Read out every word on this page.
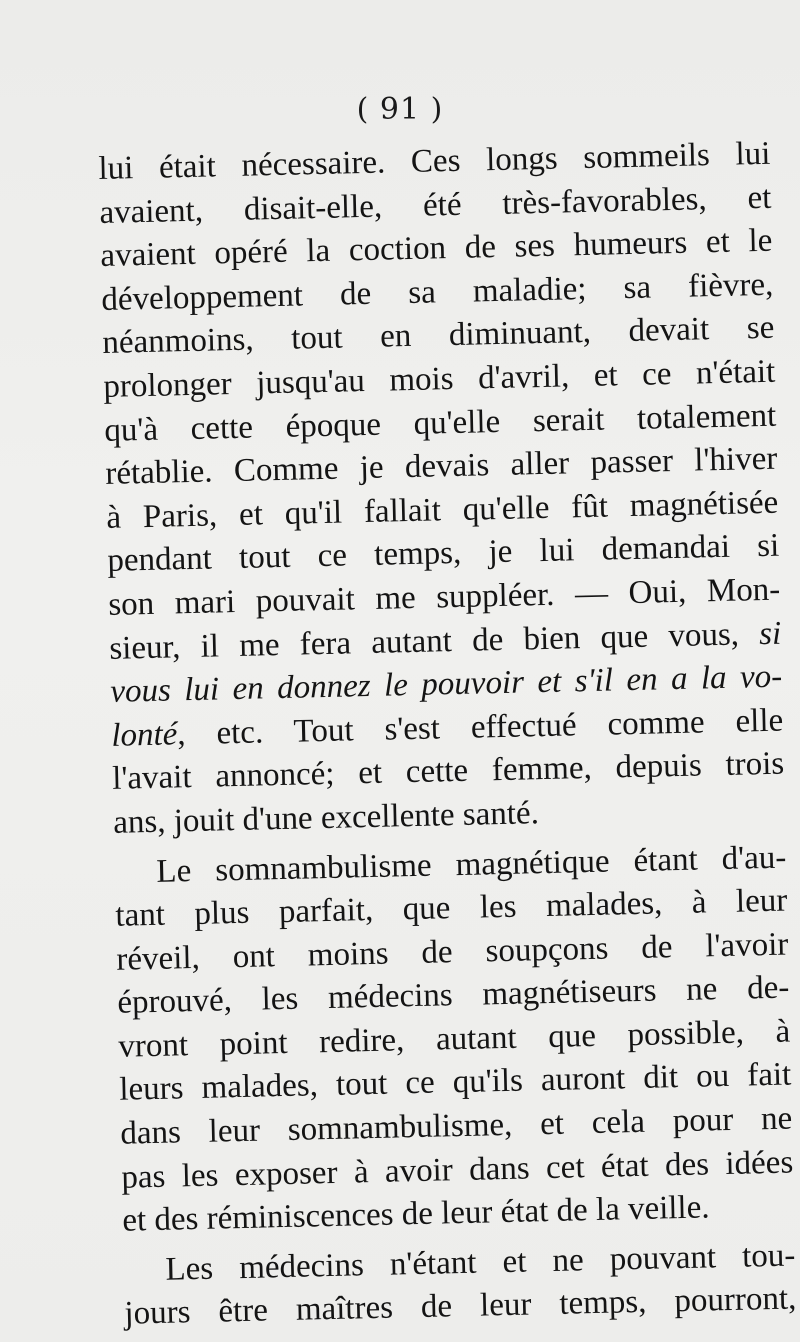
( 91 )
lui était nécessaire. Ces longs sommeils lui
avaient, disait-elle, été très-favorables, et
avaient opéré la coction de ses humeurs et le
développement de sa maladie; sa fièvre,
néanmoins, tout en diminuant, devait se
prolonger jusqu'au mois d'avril, et ce n'était
qu'à cette époque qu'elle serait totalement
rétablie. Comme je devais aller passer l'hiver
à Paris, et qu'il fallait qu'elle fût magnétisée
pendant tout ce temps, je lui demandai si
son mari pouvait me suppléer. — Oui, Mon-
sieur, il me fera autant de bien que vous, si
vous lui en donnez le pouvoir et s'il en a la vo-
lonté, etc. Tout s'est effectué comme elle
l'avait annoncé; et cette femme, depuis trois
ans, jouit d'une excellente santé.
Le somnambulisme magnétique étant d'au-
tant plus parfait, que les malades, à leur
réveil, ont moins de soupçons de l'avoir
éprouvé, les médecins magnétiseurs ne de-
vront point redire, autant que possible, à
leurs malades, tout ce qu'ils auront dit ou fait
dans leur somnambulisme, et cela pour ne
pas les exposer à avoir dans cet état des idées
et des réminiscences de leur état de la veille.
Les médecins n'étant et ne pouvant tou-
jours être maîtres de leur temps, pourront,
